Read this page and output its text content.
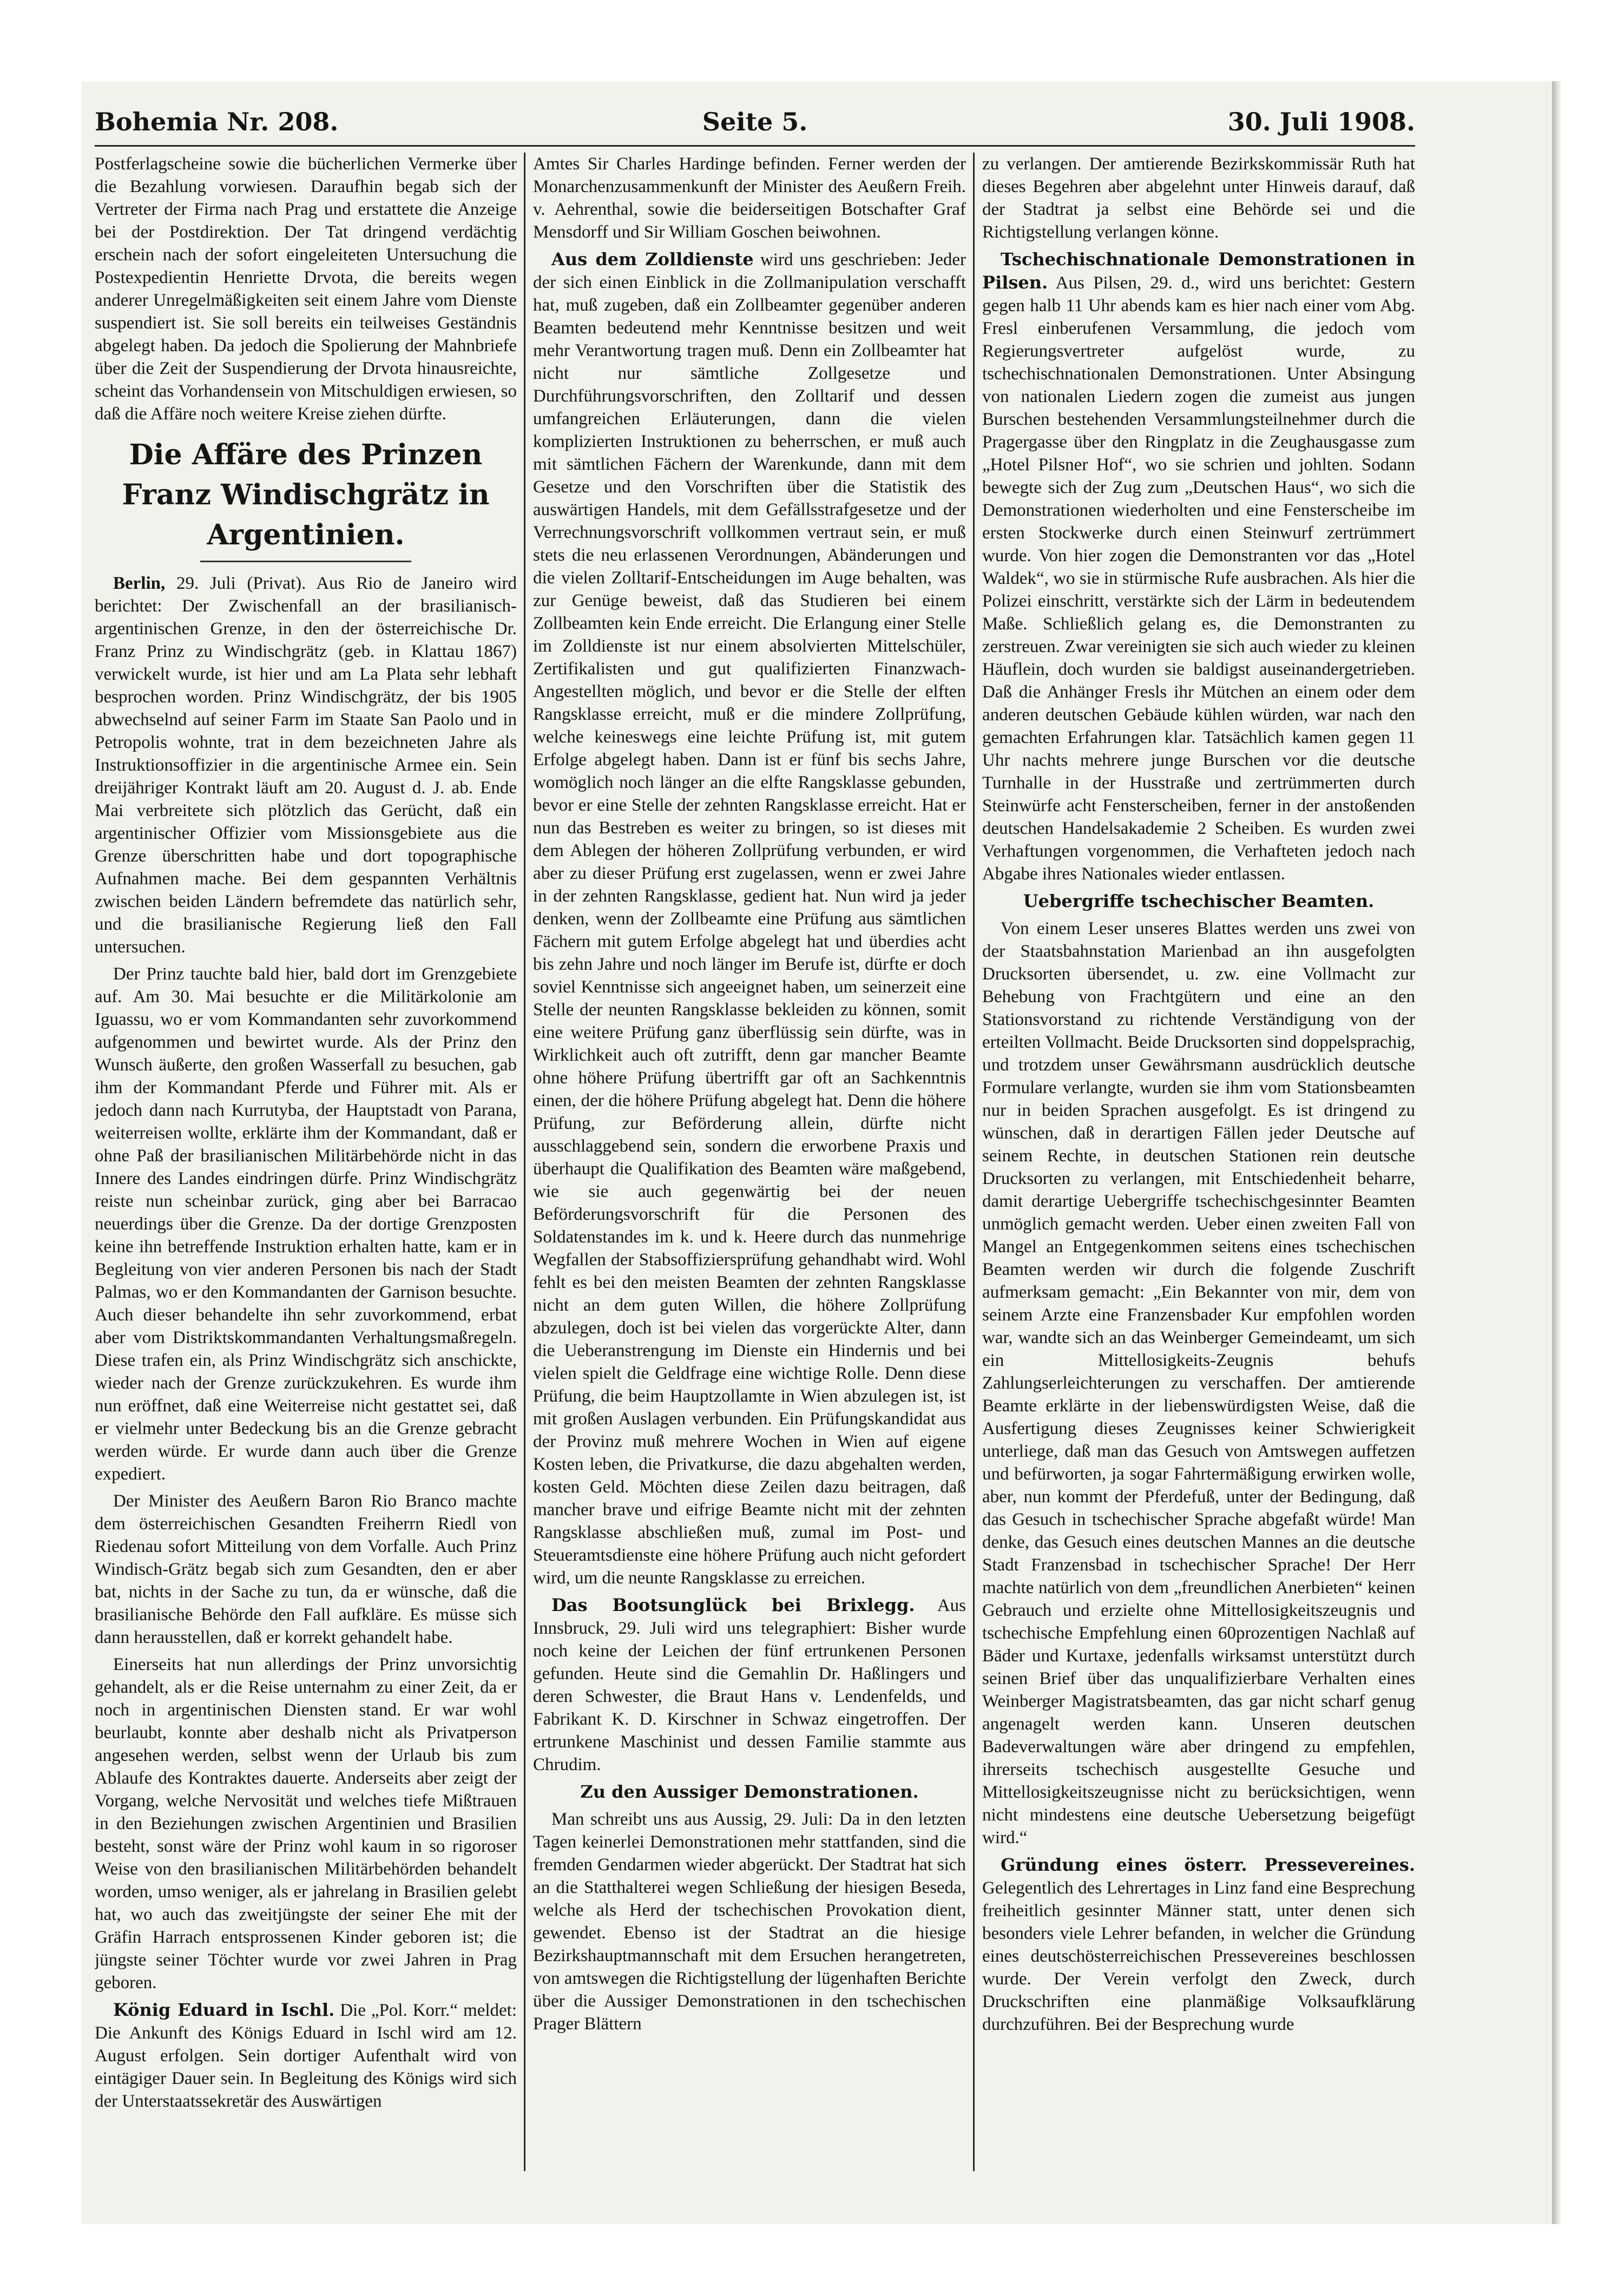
Bohemia Nr. 208.	Seite 5.	30. Juli 1908.

Postferlagscheine sowie die bücherlichen Vermerke über die Bezahlung vorwiesen. Daraufhin begab sich der Vertreter der Firma nach Prag und erstattete die Anzeige bei der Postdirektion. Der Tat dringend verdächtig erschein nach der sofort eingeleiteten Untersuchung die Postexpedientin Henriette Drvota, die bereits wegen anderer Unregelmäßigkeiten seit einem Jahre vom Dienste suspendiert ist. Sie soll bereits ein teilweises Geständnis abgelegt haben. Da jedoch die Spolierung der Mahnbriefe über die Zeit der Suspendierung der Drvota hinausreichte, scheint das Vorhandensein von Mitschuldigen erwiesen, so daß die Affäre noch weitere Kreise ziehen dürfte.

Die Affäre des Prinzen
Franz Windischgrätz in Argentinien.

Berlin, 29. Juli (Privat). Aus Rio de Janeiro wird berichtet: Der Zwischenfall an der brasilianisch-argentinischen Grenze, in den der österreichische Dr. Franz Prinz zu Windischgrätz (geb. in Klattau 1867) verwickelt wurde, ist hier und am La Plata sehr lebhaft besprochen worden. Prinz Windischgrätz, der bis 1905 abwechselnd auf seiner Farm im Staate San Paolo und in Petropolis wohnte, trat in dem bezeichneten Jahre als Instruktionsoffizier in die argentinische Armee ein. Sein dreijähriger Kontrakt läuft am 20. August d. J. ab. Ende Mai verbreitete sich plötzlich das Gerücht, daß ein argentinischer Offizier vom Missionsgebiete aus die Grenze überschritten habe und dort topographische Aufnahmen mache. Bei dem gespannten Verhältnis zwischen beiden Ländern befremdete das natürlich sehr, und die brasilianische Regierung ließ den Fall untersuchen.

Der Prinz tauchte bald hier, bald dort im Grenzgebiete auf. Am 30. Mai besuchte er die Militärkolonie am Iguassu, wo er vom Kommandanten sehr zuvorkommend aufgenommen und bewirtet wurde. Als der Prinz den Wunsch äußerte, den großen Wasserfall zu besuchen, gab ihm der Kommandant Pferde und Führer mit. Als er jedoch dann nach Kurrutyba, der Hauptstadt von Parana, weiterreisen wollte, erklärte ihm der Kommandant, daß er ohne Paß der brasilianischen Militärbehörde nicht in das Innere des Landes eindringen dürfe. Prinz Windischgrätz reiste nun scheinbar zurück, ging aber bei Barracao neuerdings über die Grenze. Da der dortige Grenzposten keine ihn betreffende Instruktion erhalten hatte, kam er in Begleitung von vier anderen Personen bis nach der Stadt Palmas, wo er den Kommandanten der Garnison besuchte. Auch dieser behandelte ihn sehr zuvorkommend, erbat aber vom Distriktskommandanten Verhaltungsmaßregeln. Diese trafen ein, als Prinz Windischgrätz sich anschickte, wieder nach der Grenze zurückzukehren. Es wurde ihm nun eröffnet, daß eine Weiterreise nicht gestattet sei, daß er vielmehr unter Bedeckung bis an die Grenze gebracht werden würde. Er wurde dann auch über die Grenze expediert.

Der Minister des Aeußern Baron Rio Branco machte dem österreichischen Gesandten Freiherrn Riedl von Riedenau sofort Mitteilung von dem Vorfalle. Auch Prinz Windisch-Grätz begab sich zum Gesandten, den er aber bat, nichts in der Sache zu tun, da er wünsche, daß die brasilianische Behörde den Fall aufkläre. Es müsse sich dann herausstellen, daß er korrekt gehandelt habe.

Einerseits hat nun allerdings der Prinz unvorsichtig gehandelt, als er die Reise unternahm zu einer Zeit, da er noch in argentinischen Diensten stand. Er war wohl beurlaubt, konnte aber deshalb nicht als Privatperson angesehen werden, selbst wenn der Urlaub bis zum Ablaufe des Kontraktes dauerte. Anderseits aber zeigt der Vorgang, welche Nervosität und welches tiefe Mißtrauen in den Beziehungen zwischen Argentinien und Brasilien besteht, sonst wäre der Prinz wohl kaum in so rigoroser Weise von den brasilianischen Militärbehörden behandelt worden, umso weniger, als er jahrelang in Brasilien gelebt hat, wo auch das zweitjüngste der seiner Ehe mit der Gräfin Harrach entsprossenen Kinder geboren ist; die jüngste seiner Töchter wurde vor zwei Jahren in Prag geboren.

König Eduard in Ischl. Die „Pol. Korr.“ meldet: Die Ankunft des Königs Eduard in Ischl wird am 12. August erfolgen. Sein dortiger Aufenthalt wird von eintägiger Dauer sein. In Begleitung des Königs wird sich der Unterstaatssekretär des Auswärtigen

Amtes Sir Charles Hardinge befinden. Ferner werden der Monarchenzusammenkunft der Minister des Aeußern Freih. v. Aehrenthal, sowie die beiderseitigen Botschafter Graf Mensdorff und Sir William Goschen beiwohnen.

Aus dem Zolldienste wird uns geschrieben: Jeder der sich einen Einblick in die Zollmanipulation verschafft hat, muß zugeben, daß ein Zollbeamter gegenüber anderen Beamten bedeutend mehr Kenntnisse besitzen und weit mehr Verantwortung tragen muß. Denn ein Zollbeamter hat nicht nur sämtliche Zollgesetze und Durchführungsvorschriften, den Zolltarif und dessen umfangreichen Erläuterungen, dann die vielen komplizierten Instruktionen zu beherrschen, er muß auch mit sämtlichen Fächern der Warenkunde, dann mit dem Gesetze und den Vorschriften über die Statistik des auswärtigen Handels, mit dem Gefällsstrafgesetze und der Verrechnungsvorschrift vollkommen vertraut sein, er muß stets die neu erlassenen Verordnungen, Abänderungen und die vielen Zolltarif-Entscheidungen im Auge behalten, was zur Genüge beweist, daß das Studieren bei einem Zollbeamten kein Ende erreicht. Die Erlangung einer Stelle im Zolldienste ist nur einem absolvierten Mittelschüler, Zertifikalisten und gut qualifizierten Finanzwach-Angestellten möglich, und bevor er die Stelle der elften Rangsklasse erreicht, muß er die mindere Zollprüfung, welche keineswegs eine leichte Prüfung ist, mit gutem Erfolge abgelegt haben. Dann ist er fünf bis sechs Jahre, womöglich noch länger an die elfte Rangsklasse gebunden, bevor er eine Stelle der zehnten Rangsklasse erreicht. Hat er nun das Bestreben es weiter zu bringen, so ist dieses mit dem Ablegen der höheren Zollprüfung verbunden, er wird aber zu dieser Prüfung erst zugelassen, wenn er zwei Jahre in der zehnten Rangsklasse, gedient hat. Nun wird ja jeder denken, wenn der Zollbeamte eine Prüfung aus sämtlichen Fächern mit gutem Erfolge abgelegt hat und überdies acht bis zehn Jahre und noch länger im Berufe ist, dürfte er doch soviel Kenntnisse sich angeeignet haben, um seinerzeit eine Stelle der neunten Rangsklasse bekleiden zu können, somit eine weitere Prüfung ganz überflüssig sein dürfte, was in Wirklichkeit auch oft zutrifft, denn gar mancher Beamte ohne höhere Prüfung übertrifft gar oft an Sachkenntnis einen, der die höhere Prüfung abgelegt hat. Denn die höhere Prüfung, zur Beförderung allein, dürfte nicht ausschlaggebend sein, sondern die erworbene Praxis und überhaupt die Qualifikation des Beamten wäre maßgebend, wie sie auch gegenwärtig bei der neuen Beförderungsvorschrift für die Personen des Soldatenstandes im k. und k. Heere durch das nunmehrige Wegfallen der Stabsoffiziersprüfung gehandhabt wird. Wohl fehlt es bei den meisten Beamten der zehnten Rangsklasse nicht an dem guten Willen, die höhere Zollprüfung abzulegen, doch ist bei vielen das vorgerückte Alter, dann die Ueberanstrengung im Dienste ein Hindernis und bei vielen spielt die Geldfrage eine wichtige Rolle. Denn diese Prüfung, die beim Hauptzollamte in Wien abzulegen ist, ist mit großen Auslagen verbunden. Ein Prüfungskandidat aus der Provinz muß mehrere Wochen in Wien auf eigene Kosten leben, die Privatkurse, die dazu abgehalten werden, kosten Geld. Möchten diese Zeilen dazu beitragen, daß mancher brave und eifrige Beamte nicht mit der zehnten Rangsklasse abschließen muß, zumal im Post- und Steueramtsdienste eine höhere Prüfung auch nicht gefordert wird, um die neunte Rangsklasse zu erreichen.

Das Bootsunglück bei Brixlegg. Aus Innsbruck, 29. Juli wird uns telegraphiert: Bisher wurde noch keine der Leichen der fünf ertrunkenen Personen gefunden. Heute sind die Gemahlin Dr. Haßlingers und deren Schwester, die Braut Hans v. Lendenfelds, und Fabrikant K. D. Kirschner in Schwaz eingetroffen. Der ertrunkene Maschinist und dessen Familie stammte aus Chrudim.

Zu den Aussiger Demonstrationen.

Man schreibt uns aus Aussig, 29. Juli: Da in den letzten Tagen keinerlei Demonstrationen mehr stattfanden, sind die fremden Gendarmen wieder abgerückt. Der Stadtrat hat sich an die Statthalterei wegen Schließung der hiesigen Beseda, welche als Herd der tschechischen Provokation dient, gewendet. Ebenso ist der Stadtrat an die hiesige Bezirkshauptmannschaft mit dem Ersuchen herangetreten, von amtswegen die Richtigstellung der lügenhaften Berichte über die Aussiger Demonstrationen in den tschechischen Prager Blättern

zu verlangen. Der amtierende Bezirkskommissär Ruth hat dieses Begehren aber abgelehnt unter Hinweis darauf, daß der Stadtrat ja selbst eine Behörde sei und die Richtigstellung verlangen könne.

Tschechischnationale Demonstrationen in Pilsen. Aus Pilsen, 29. d., wird uns berichtet: Gestern gegen halb 11 Uhr abends kam es hier nach einer vom Abg. Fresl einberufenen Versammlung, die jedoch vom Regierungsvertreter aufgelöst wurde, zu tschechischnationalen Demonstrationen. Unter Absingung von nationalen Liedern zogen die zumeist aus jungen Burschen bestehenden Versammlungsteilnehmer durch die Pragergasse über den Ringplatz in die Zeughausgasse zum „Hotel Pilsner Hof“, wo sie schrien und johlten. Sodann bewegte sich der Zug zum „Deutschen Haus“, wo sich die Demonstrationen wiederholten und eine Fensterscheibe im ersten Stockwerke durch einen Steinwurf zertrümmert wurde. Von hier zogen die Demonstranten vor das „Hotel Waldek“, wo sie in stürmische Rufe ausbrachen. Als hier die Polizei einschritt, verstärkte sich der Lärm in bedeutendem Maße. Schließlich gelang es, die Demonstranten zu zerstreuen. Zwar vereinigten sie sich auch wieder zu kleinen Häuflein, doch wurden sie baldigst auseinandergetrieben. Daß die Anhänger Fresls ihr Mütchen an einem oder dem anderen deutschen Gebäude kühlen würden, war nach den gemachten Erfahrungen klar. Tatsächlich kamen gegen 11 Uhr nachts mehrere junge Burschen vor die deutsche Turnhalle in der Husstraße und zertrümmerten durch Steinwürfe acht Fensterscheiben, ferner in der anstoßenden deutschen Handelsakademie 2 Scheiben. Es wurden zwei Verhaftungen vorgenommen, die Verhafteten jedoch nach Abgabe ihres Nationales wieder entlassen.

Uebergriffe tschechischer Beamten.

Von einem Leser unseres Blattes werden uns zwei von der Staatsbahnstation Marienbad an ihn ausgefolgten Drucksorten übersendet, u. zw. eine Vollmacht zur Behebung von Frachtgütern und eine an den Stationsvorstand zu richtende Verständigung von der erteilten Vollmacht. Beide Drucksorten sind doppelsprachig, und trotzdem unser Gewährsmann ausdrücklich deutsche Formulare verlangte, wurden sie ihm vom Stationsbeamten nur in beiden Sprachen ausgefolgt. Es ist dringend zu wünschen, daß in derartigen Fällen jeder Deutsche auf seinem Rechte, in deutschen Stationen rein deutsche Drucksorten zu verlangen, mit Entschiedenheit beharre, damit derartige Uebergriffe tschechischgesinnter Beamten unmöglich gemacht werden. Ueber einen zweiten Fall von Mangel an Entgegenkommen seitens eines tschechischen Beamten werden wir durch die folgende Zuschrift aufmerksam gemacht: „Ein Bekannter von mir, dem von seinem Arzte eine Franzensbader Kur empfohlen worden war, wandte sich an das Weinberger Gemeindeamt, um sich ein Mittellosigkeits-Zeugnis behufs Zahlungserleichterungen zu verschaffen. Der amtierende Beamte erklärte in der liebenswürdigsten Weise, daß die Ausfertigung dieses Zeugnisses keiner Schwierigkeit unterliege, daß man das Gesuch von Amtswegen auffetzen und befürworten, ja sogar Fahrtermäßigung erwirken wolle, aber, nun kommt der Pferdefuß, unter der Bedingung, daß das Gesuch in tschechischer Sprache abgefaßt würde! Man denke, das Gesuch eines deutschen Mannes an die deutsche Stadt Franzensbad in tschechischer Sprache! Der Herr machte natürlich von dem „freundlichen Anerbieten“ keinen Gebrauch und erzielte ohne Mittellosigkeitszeugnis und tschechische Empfehlung einen 60prozentigen Nachlaß auf Bäder und Kurtaxe, jedenfalls wirksamst unterstützt durch seinen Brief über das unqualifizierbare Verhalten eines Weinberger Magistratsbeamten, das gar nicht scharf genug angenagelt werden kann. Unseren deutschen Badeverwaltungen wäre aber dringend zu empfehlen, ihrerseits tschechisch ausgestellte Gesuche und Mittellosigkeitszeugnisse nicht zu berücksichtigen, wenn nicht mindestens eine deutsche Uebersetzung beigefügt wird.“

Gründung eines österr. Pressevereines. Gelegentlich des Lehrertages in Linz fand eine Besprechung freiheitlich gesinnter Männer statt, unter denen sich besonders viele Lehrer befanden, in welcher die Gründung eines deutschösterreichischen Pressevereines beschlossen wurde. Der Verein verfolgt den Zweck, durch Druckschriften eine planmäßige Volksaufklärung durchzuführen. Bei der Besprechung wurde
